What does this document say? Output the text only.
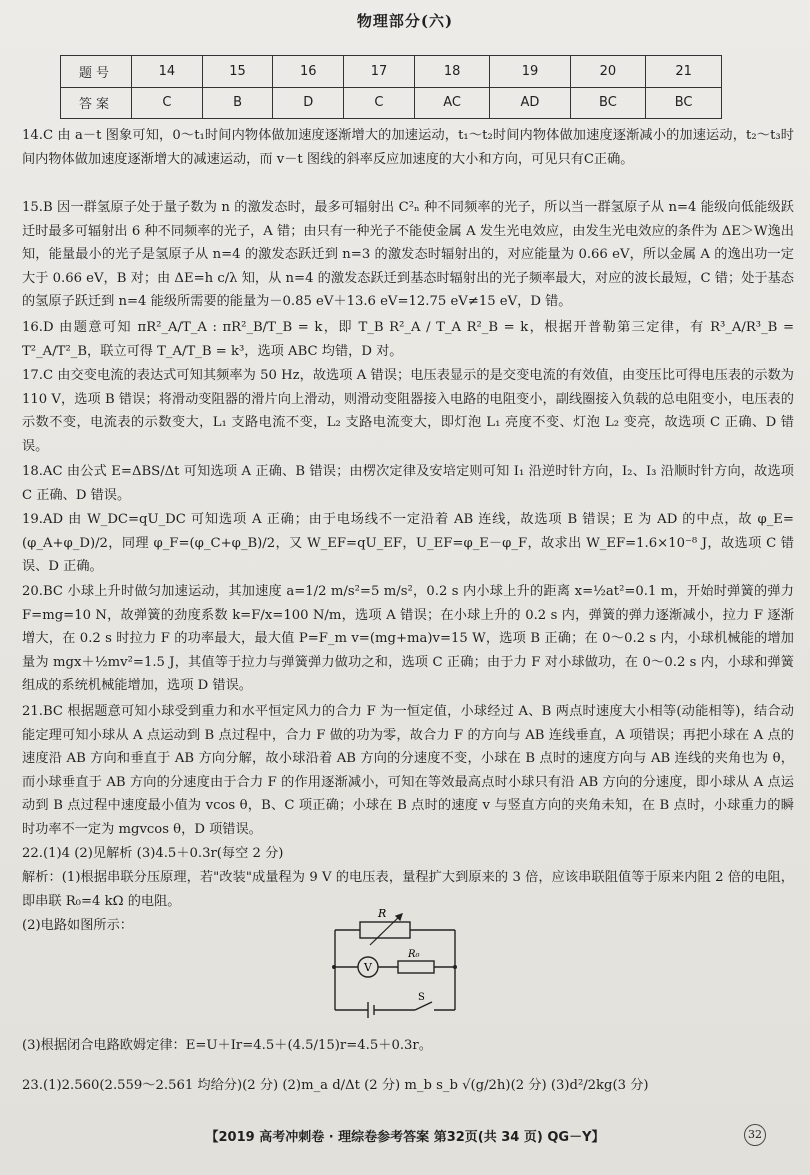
物理部分(六)
题号	14	15	16	17	18	19	20	21
答案	C	B	D	C	AC	AD	BC	BC
14.C 由 a－t 图象可知，0～t₁时间内物体做加速度逐渐增大的加速运动，t₁～t₂时间内物体做加速度逐渐减小的加速运动，t₂～t₃时间内物体做加速度逐渐增大的减速运动，而 v－t 图线的斜率反应加速度的大小和方向，可见只有C正确。
15.B 因一群氢原子处于量子数为 n 的激发态时，最多可辐射出 C²ₙ 种不同频率的光子，所以当一群氢原子从 n=4 能级向低能级跃迁时最多可辐射出 6 种不同频率的光子，A 错；由只有一种光子不能使金属 A 发生光电效应，由发生光电效应的条件为 ΔE＞W逸出知，能量最小的光子是氢原子从 n=4 的激发态跃迁到 n=3 的激发态时辐射出的，对应能量为 0.66 eV，所以金属 A 的逸出功一定大于 0.66 eV，B 对；由 ΔE=h c/λ 知，从 n=4 的激发态跃迁到基态时辐射出的光子频率最大，对应的波长最短，C 错；处于基态的氢原子跃迁到 n=4 能级所需要的能量为－0.85 eV＋13.6 eV=12.75 eV≠15 eV，D 错。
16.D 由题意可知 πR²_A/T_A : πR²_B/T_B = k，即 T_B R²_A / T_A R²_B = k，根据开普勒第三定律，有 R³_A/R³_B = T²_A/T²_B，联立可得 T_A/T_B = k³，选项 ABC 均错，D 对。
17.C 由交变电流的表达式可知其频率为 50 Hz，故选项 A 错误；电压表显示的是交变电流的有效值，由变压比可得电压表的示数为 110 V，选项 B 错误；将滑动变阻器的滑片向上滑动，则滑动变阻器接入电路的电阻变小，副线圈接入负载的总电阻变小，电压表的示数不变，电流表的示数变大，L₁ 支路电流不变，L₂ 支路电流变大，即灯泡 L₁ 亮度不变、灯泡 L₂ 变亮，故选项 C 正确、D 错误。
18.AC 由公式 E=ΔBS/Δt 可知选项 A 正确、B 错误；由楞次定律及安培定则可知 I₁ 沿逆时针方向，I₂、I₃ 沿顺时针方向，故选项 C 正确、D 错误。
19.AD 由 W_DC=qU_DC 可知选项 A 正确；由于电场线不一定沿着 AB 连线，故选项 B 错误；E 为 AD 的中点，故 φ_E=(φ_A+φ_D)/2，同理 φ_F=(φ_C+φ_B)/2，又 W_EF=qU_EF，U_EF=φ_E－φ_F，故求出 W_EF=1.6×10⁻⁸ J，故选项 C 错误、D 正确。
20.BC 小球上升时做匀加速运动，其加速度 a=1/2 m/s²=5 m/s²，0.2 s 内小球上升的距离 x=½at²=0.1 m，开始时弹簧的弹力 F=mg=10 N，故弹簧的劲度系数 k=F/x=100 N/m，选项 A 错误；在小球上升的 0.2 s 内，弹簧的弹力逐渐减小，拉力 F 逐渐增大，在 0.2 s 时拉力 F 的功率最大，最大值 P=F_m v=(mg+ma)v=15 W，选项 B 正确；在 0～0.2 s 内，小球机械能的增加量为 mgx＋½mv²=1.5 J，其值等于拉力与弹簧弹力做功之和，选项 C 正确；由于力 F 对小球做功，在 0～0.2 s 内，小球和弹簧组成的系统机械能增加，选项 D 错误。
21.BC 根据题意可知小球受到重力和水平恒定风力的合力 F 为一恒定值，小球经过 A、B 两点时速度大小相等(动能相等)，结合动能定理可知小球从 A 点运动到 B 点过程中，合力 F 做的功为零，故合力 F 的方向与 AB 连线垂直，A 项错误；再把小球在 A 点的速度沿 AB 方向和垂直于 AB 方向分解，故小球沿着 AB 方向的分速度不变，小球在 B 点时的速度方向与 AB 连线的夹角也为 θ，而小球垂直于 AB 方向的分速度由于合力 F 的作用逐渐减小，可知在等效最高点时小球只有沿 AB 方向的分速度，即小球从 A 点运动到 B 点过程中速度最小值为 vcos θ，B、C 项正确；小球在 B 点时的速度 v 与竖直方向的夹角未知，在 B 点时，小球重力的瞬时功率不一定为 mgvcos θ，D 项错误。
22.(1)4 (2)见解析 (3)4.5＋0.3r(每空 2 分)
解析：(1)根据串联分压原理，若"改装"成量程为 9 V 的电压表，量程扩大到原来的 3 倍，应该串联阻值等于原来内阻 2 倍的电阻，即串联 R₀=4 kΩ 的电阻。
(2)电路如图所示：
R
V
R₀
S
(3)根据闭合电路欧姆定律：E=U＋Ir=4.5＋(4.5/15)r=4.5＋0.3r。
23.(1)2.560(2.559～2.561 均给分)(2 分) (2)m_a d/Δt (2 分) m_b s_b √(g/2h)(2 分) (3)d²/2kg(3 分)
【2019 高考冲刺卷 · 理综卷参考答案 第32页(共 34 页) QG－Y】	32
